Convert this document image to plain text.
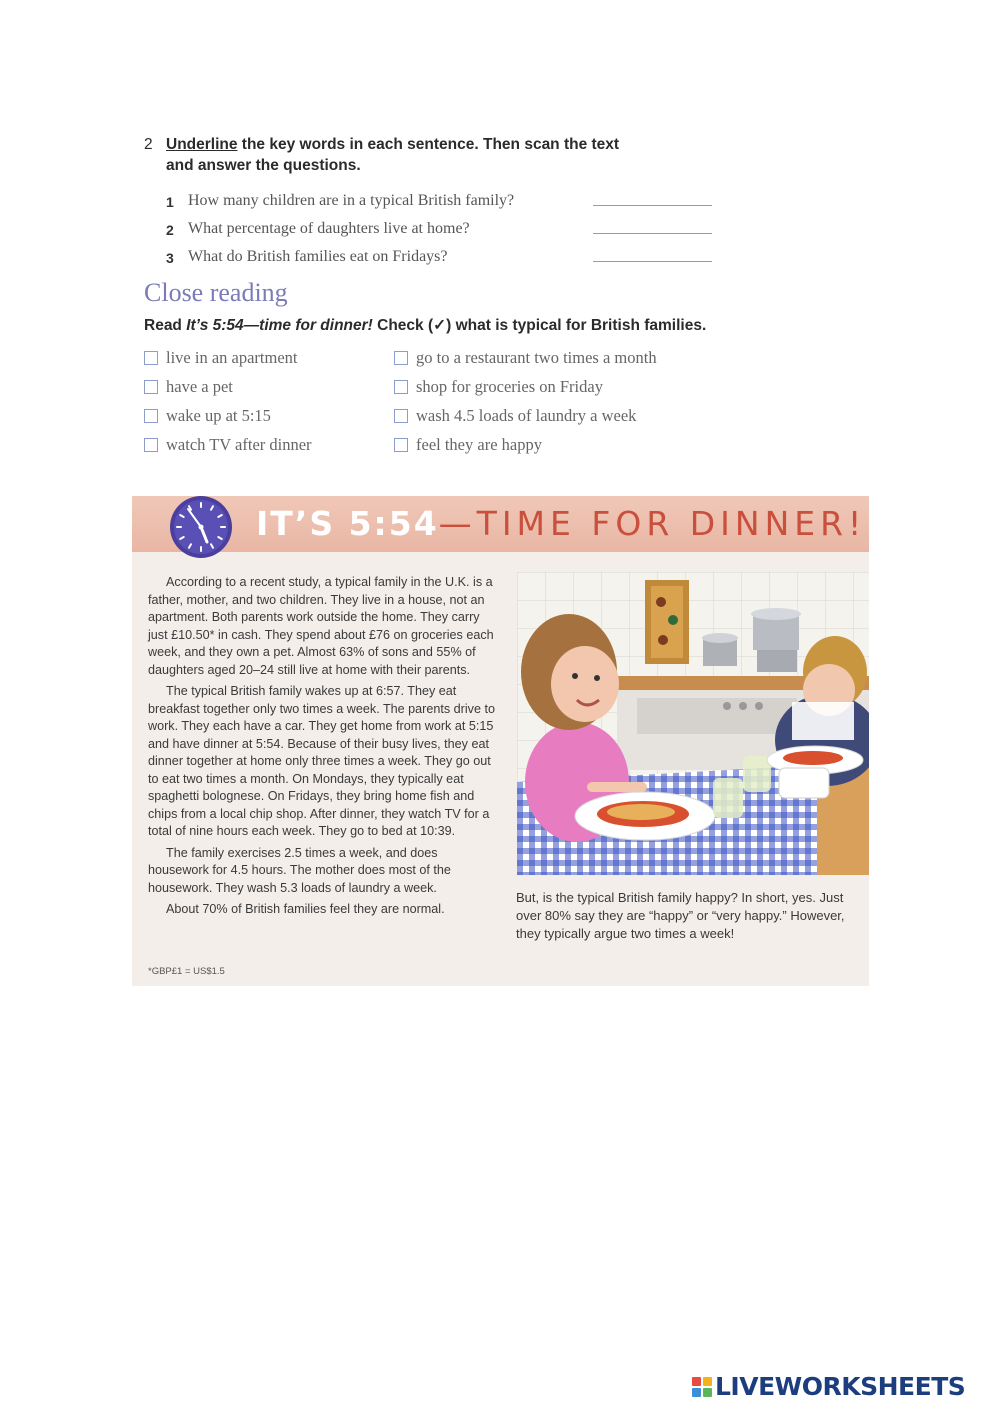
2 Underline the key words in each sentence. Then scan the text
and answer the questions.
1 How many children are in a typical British family?
2 What percentage of daughters live at home?
3 What do British families eat on Fridays?
Close reading
Read It’s 5:54—time for dinner! Check (✓) what is typical for British families.
live in an apartment	go to a restaurant two times a month
have a pet	shop for groceries on Friday
wake up at 5:15	wash 4.5 loads of laundry a week
watch TV after dinner	feel they are happy
IT’S 5:54—TIME FOR DINNER!

According to a recent study, a typical family in the U.K. is a father, mother, and two children. They live in a house, not an apartment. Both parents work outside the home. They carry just £10.50* in cash. They spend about £76 on groceries each week, and they own a pet. Almost 63% of sons and 55% of daughters aged 20–24 still live at home with their parents.

The typical British family wakes up at 6:57. They eat breakfast together only two times a week. The parents drive to work. They each have a car. They get home from work at 5:15 and have dinner at 5:54. Because of their busy lives, they eat dinner together at home only three times a week. They go out to eat two times a month. On Mondays, they typically eat spaghetti bolognese. On Fridays, they bring home fish and chips from a local chip shop. After dinner, they watch TV for a total of nine hours each week. They go to bed at 10:39.

The family exercises 2.5 times a week, and does housework for 4.5 hours. The mother does most of the housework. They wash 5.3 loads of laundry a week.

About 70% of British families feel they are normal.

*GBP£1 = US$1.5
But, is the typical British family happy? In short, yes. Just over 80% say they are “happy” or “very happy.” However, they typically argue two times a week!
LIVEWORKSHEETS
